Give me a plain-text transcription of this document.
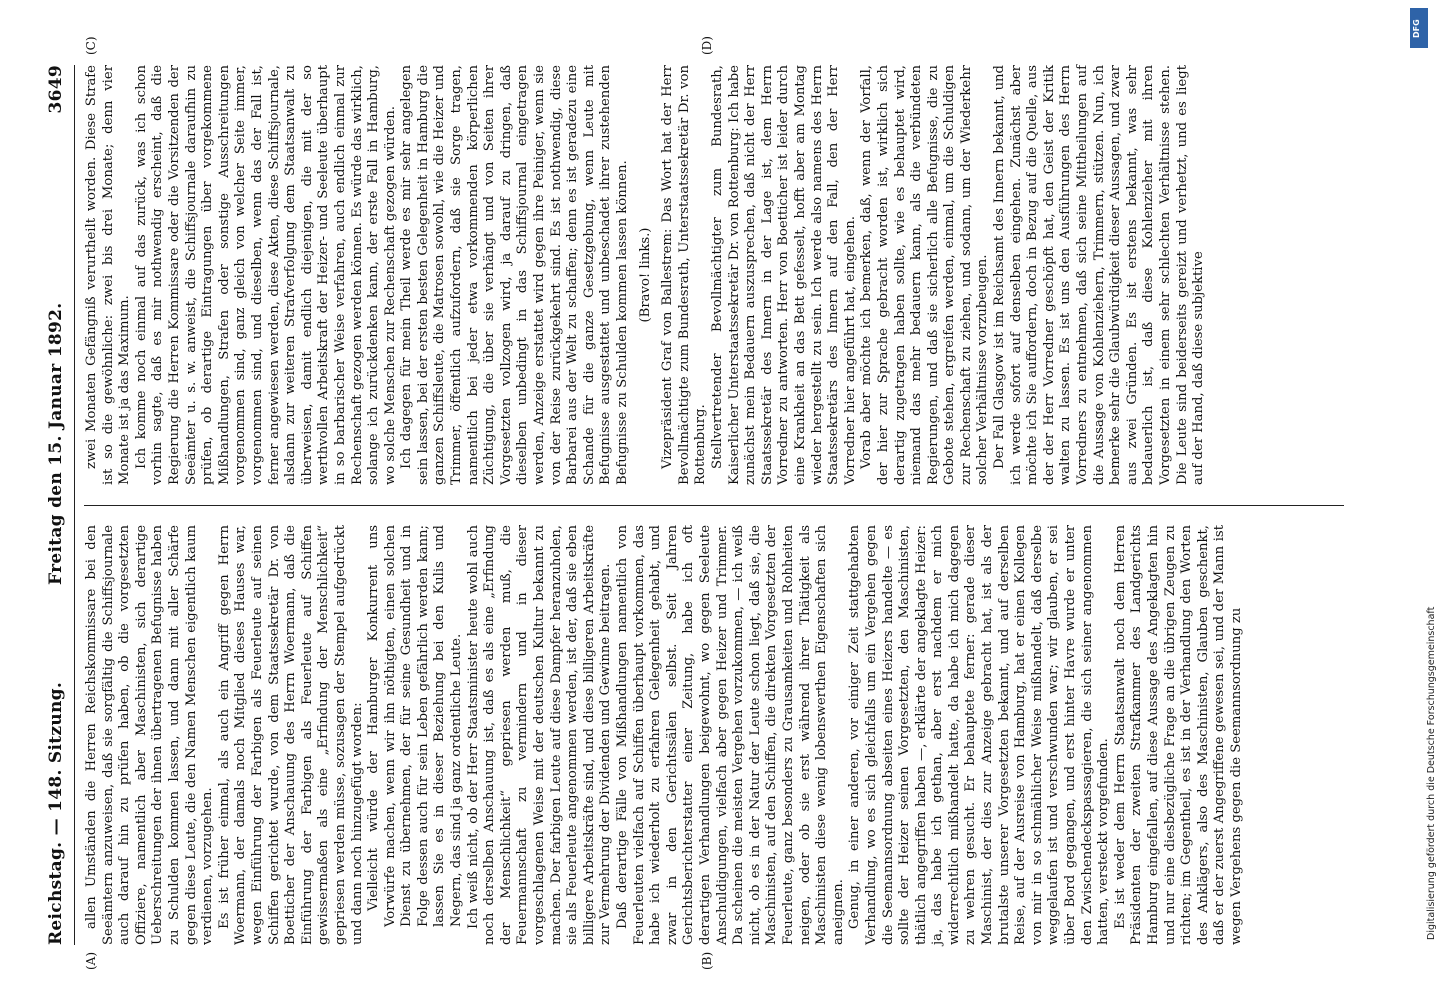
Reichstag. — 148. Sitzung.
Freitag den 15. Januar 1892.
3649
(A)	(B)
(C)	(D)

allen Umständen die Herren Reichskommissare bei den Seeämtern anzuweisen, daß sie sorgfältig die Schiffsjournale auch darauf hin zu prüfen haben, ob die vorgesetzten Offiziere, namentlich aber Maschinisten, sich derartige Ueberschreitungen der ihnen übertragenen Befugnisse haben zu Schulden kommen lassen, und dann mit aller Schärfe gegen diese Leute, die den Namen Menschen eigentlich kaum verdienen, vorzugehen. Es ist früher einmal, als auch ein Angriff gegen Herrn Woermann, der damals noch Mitglied dieses Hauses war, wegen Einführung der Farbigen als Feuerleute auf seinen Schiffen gerichtet wurde, von dem Staatssekretär Dr. von Boetticher der Anschauung des Herrn Woermann, daß die Einführung der Farbigen als Feuerleute auf Schiffen gewissermaßen als eine „Erfindung der Menschlichkeit“ gepriesen werden müsse, sozusagen der Stempel aufgedrückt und dann noch hinzugefügt worden: Vielleicht würde der Hamburger Konkurrent uns Vorwürfe machen, wenn wir ihn nöthigten, einen solchen Dienst zu übernehmen, der für seine Gesundheit und in Folge dessen auch für sein Leben gefährlich werden kann; lassen Sie es in dieser Beziehung bei den Kulis und Negern, das sind ja ganz ordentliche Leute. Ich weiß nicht, ob der Herr Staatsminister heute wohl auch noch derselben Anschauung ist, daß es als eine „Erfindung der Menschlichkeit“ gepriesen werden muß, die Feuermannschaft zu vermindern und in dieser vorgeschlagenen Weise mit der deutschen Kultur bekannt zu machen. Der farbigen Leute auf diese Dampfer heranzuholen, sie als Feuerleute angenommen werden, ist der, daß sie eben billigere Arbeitskräfte sind, und diese billigeren Arbeitskräfte zur Vermehrung der Dividenden und Gewinne beitragen. Daß derartige Fälle von Mißhandlungen namentlich von Feuerleuten vielfach auf Schiffen überhaupt vorkommen, das habe ich wiederholt zu erfahren Gelegenheit gehabt, und zwar in den Gerichtssälen selbst. Seit Jahren Gerichtsberichterstatter einer Zeitung, habe ich oft derartigen Verhandlungen beigewohnt, wo gegen Seeleute Anschuldigungen, vielfach aber gegen Heizer und Trimmer. Da scheinen die meisten Vergehen vorzukommen, — ich weiß nicht, ob es in der Natur der Leute schon liegt, daß sie, die Maschinisten, auf den Schiffen, die direkten Vorgesetzten der Feuerleute, ganz besonders zu Grausamkeiten und Rohheiten neigen, oder ob sie erst während ihrer Thätigkeit als Maschinisten diese wenig lobenswerthen Eigenschaften sich aneignen. Genug, in einer anderen, vor einiger Zeit stattgehabten Verhandlung, wo es sich gleichfalls um ein Vergehen gegen die Seemannsordnung abseiten eines Heizers handelte — es sollte der Heizer seinen Vorgesetzten, den Maschinisten, thätlich angegriffen haben —, erklärte der angeklagte Heizer: ja, das habe ich gethan, aber erst nachdem er mich widerrechtlich mißhandelt hatte, da habe ich mich dagegen zu wehren gesucht. Er behauptete ferner: gerade dieser Maschinist, der dies zur Anzeige gebracht hat, ist als der brutalste unserer Vorgesetzten bekannt, und auf derselben Reise, auf der Ausreise von Hamburg, hat er einen Kollegen von mir in so schmählicher Weise mißhandelt, daß derselbe weggelaufen ist und verschwunden war; wir glauben, er sei über Bord gegangen, und erst hinter Havre wurde er unter den Zwischendeckspassagieren, die sich seiner angenommen hatten, versteckt vorgefunden. Es ist weder dem Herrn Staatsanwalt noch dem Herren Präsidenten der zweiten Strafkammer des Landgerichts Hamburg eingefallen, auf diese Aussage des Angeklagten hin und nur eine diesbezügliche Frage an die übrigen Zeugen zu richten; im Gegentheil, es ist in der Verhandlung den Worten des Anklägers, also des Maschinisten, Glauben geschenkt, daß er der zuerst Angegriffene gewesen sei, und der Mann ist wegen Vergehens gegen die Seemannsordnung zu

zwei Monaten Gefängniß verurtheilt worden. Diese Strafe ist so die gewöhnliche: zwei bis drei Monate; denn vier Monate ist ja das Maximum. Ich komme noch einmal auf das zurück, was ich schon vorhin sagte, daß es mir nothwendig erscheint, daß die Regierung die Herren Kommissare oder die Vorsitzenden der Seeämter u. s. w. anweist, die Schiffsjournale daraufhin zu prüfen, ob derartige Eintragungen über vorgekommene Mißhandlungen, Strafen oder sonstige Ausschreitungen vorgenommen sind, ganz gleich von welcher Seite immer, vorgenommen sind, und dieselben, wenn das der Fall ist, ferner angewiesen werden, diese Akten, diese Schiffsjournale, alsdann zur weiteren Strafverfolgung dem Staatsanwalt zu überweisen, damit endlich diejenigen, die mit der so werthvollen Arbeitskraft der Heizer- und Seeleute überhaupt in so barbarischer Weise verfahren, auch endlich einmal zur Rechenschaft gezogen werden können. Es würde das wirklich, solange ich zurückdenken kann, der erste Fall in Hamburg, wo solche Menschen zur Rechenschaft gezogen würden. Ich dagegen für mein Theil werde es mir sehr angelegen sein lassen, bei der ersten besten Gelegenheit in Hamburg die ganzen Schiffsleute, die Matrosen sowohl, wie die Heizer und Trimmer, öffentlich aufzufordern, daß sie Sorge tragen, namentlich bei jeder etwa vorkommenden körperlichen Züchtigung, die über sie verhängt und von Seiten ihrer Vorgesetzten vollzogen wird, ja darauf zu dringen, daß dieselben unbedingt in das Schiffsjournal eingetragen werden, Anzeige erstattet wird gegen ihre Peiniger, wenn sie von der Reise zurückgekehrt sind. Es ist nothwendig, diese Barbarei aus der Welt zu schaffen; denn es ist geradezu eine Schande für die ganze Gesetzgebung, wenn Leute mit Befugnisse ausgestattet und unbeschadet ihrer zustehenden Befugnisse zu Schulden kommen lassen können. (Bravo! links.) Vizepräsident Graf von Ballestrem: Das Wort hat der Herr Bevollmächtigte zum Bundesrath, Unterstaatssekretär Dr. von Rottenburg. Stellvertretender Bevollmächtigter zum Bundesrath, Kaiserlicher Unterstaatssekretär Dr. von Rottenburg: Ich habe zunächst mein Bedauern auszusprechen, daß nicht der Herr Staatssekretär des Innern in der Lage ist, dem Herrn Vorredner zu antworten. Herr von Boetticher ist leider durch eine Krankheit an das Bett gefesselt, hofft aber am Montag wieder hergestellt zu sein. Ich werde also namens des Herrn Staatssekretärs des Innern auf den Fall, den der Herr Vorredner hier angeführt hat, eingehen. Vorab aber möchte ich bemerken, daß, wenn der Vorfall, der hier zur Sprache gebracht worden ist, wirklich sich derartig zugetragen haben sollte, wie es behauptet wird, niemand das mehr bedauern kann, als die verbündeten Regierungen, und daß sie sicherlich alle Befugnisse, die zu Gebote stehen, ergreifen werden, einmal, um die Schuldigen zur Rechenschaft zu ziehen, und sodann, um der Wiederkehr solcher Verhältnisse vorzubeugen. Der Fall Glasgow ist im Reichsamt des Innern bekannt, und ich werde sofort auf denselben eingehen. Zunächst aber möchte ich Sie auffordern, doch in Bezug auf die Quelle, aus der der Herr Vorredner geschöpft hat, den Geist der Kritik walten zu lassen. Es ist uns den Ausführungen des Herrn Vorredners zu entnehmen, daß sich seine Mittheilungen auf die Aussage von Kohlenziehern, Trimmern, stützen. Nun, ich bemerke sehr die Glaubwürdigkeit dieser Aussagen, und zwar aus zwei Gründen. Es ist erstens bekannt, was sehr bedauerlich ist, daß diese Kohlenzieher mit ihren Vorgesetzten in einem sehr schlechten Verhältnisse stehen. Die Leute sind beiderseits gereizt und verhetzt, und es liegt auf der Hand, daß diese subjektive

DFG
Digitalisierung gefördert durch die Deutsche Forschungsgemeinschaft
